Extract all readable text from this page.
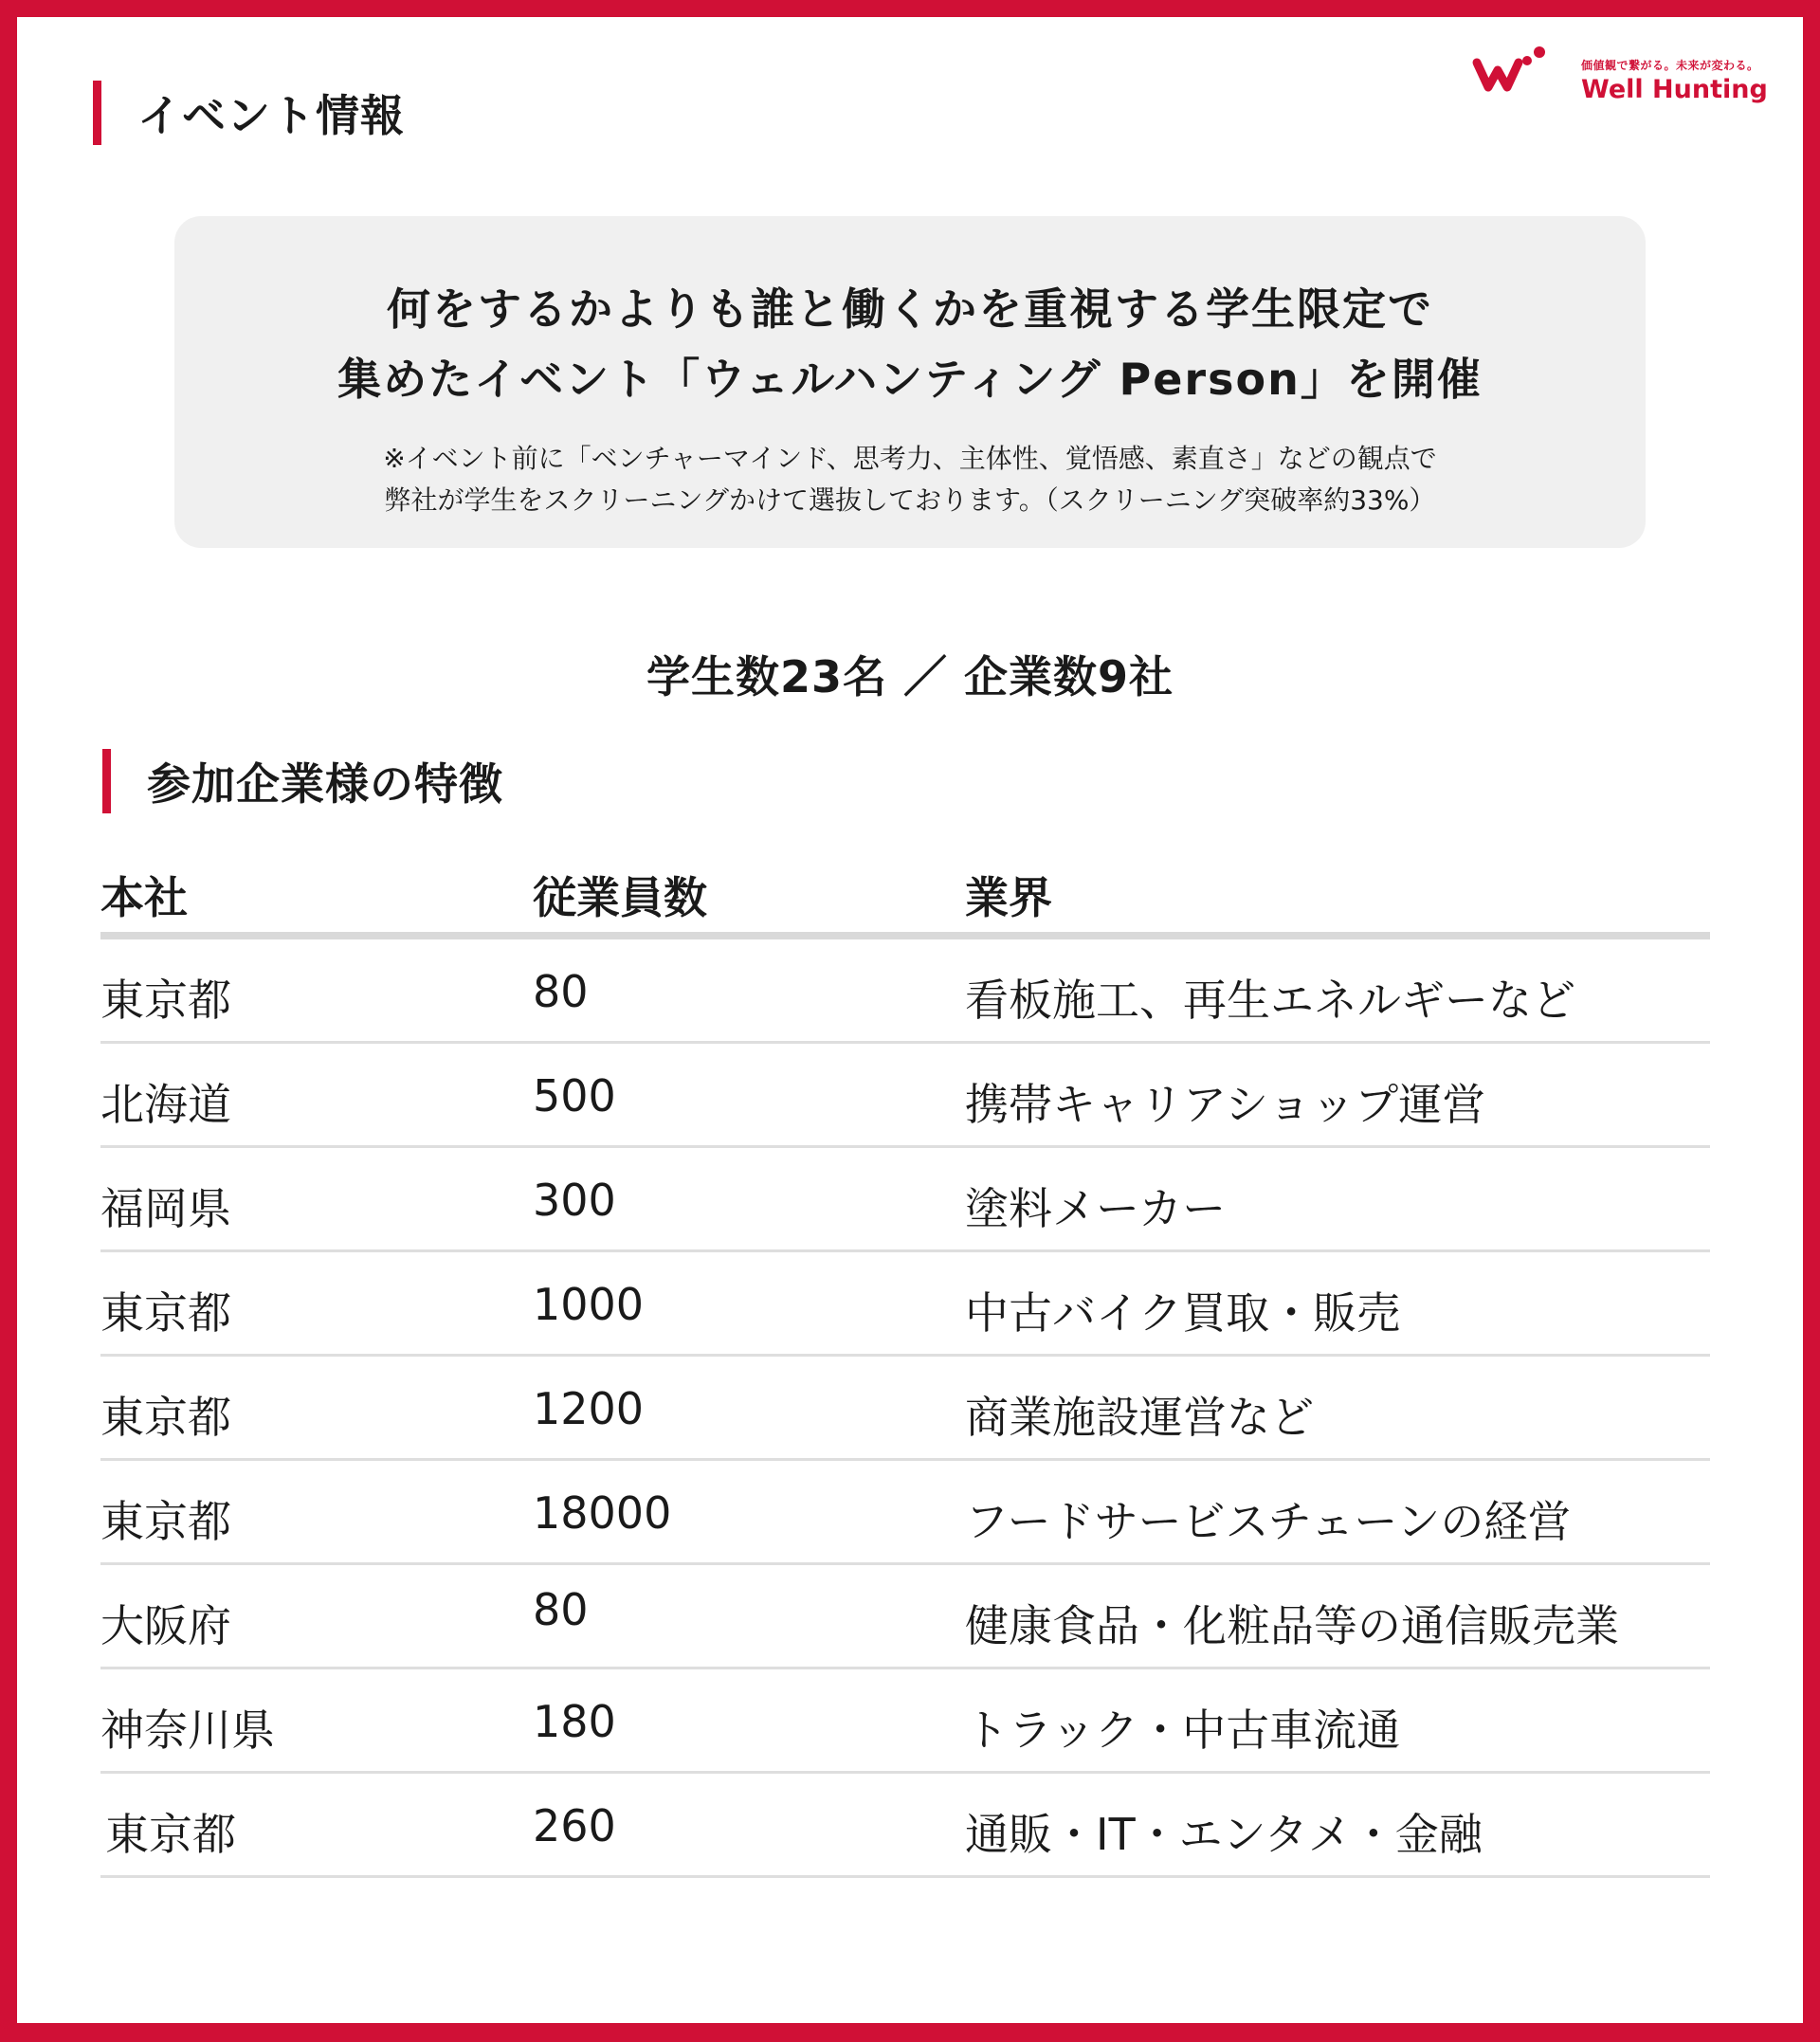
イベント情報
価値観で繋がる。未来が変わる。
Well Hunting
何をするかよりも誰と働くかを重視する学生限定で
集めたイベント「ウェルハンティング Person」を開催
※イベント前に「ベンチャーマインド、思考力、主体性、覚悟感、素直さ」などの観点で
弊社が学生をスクリーニングかけて選抜しております。（スクリーニング突破率約33%）
学生数23名 ／ 企業数9社
参加企業様の特徴
本社	従業員数	業界
東京都	80	看板施工、再生エネルギーなど
北海道	500	携帯キャリアショップ運営
福岡県	300	塗料メーカー
東京都	1000	中古バイク買取・販売
東京都	1200	商業施設運営など
東京都	18000	フードサービスチェーンの経営
大阪府	80	健康食品・化粧品等の通信販売業
神奈川県	180	トラック・中古車流通
東京都	260	通販・IT・エンタメ・金融
